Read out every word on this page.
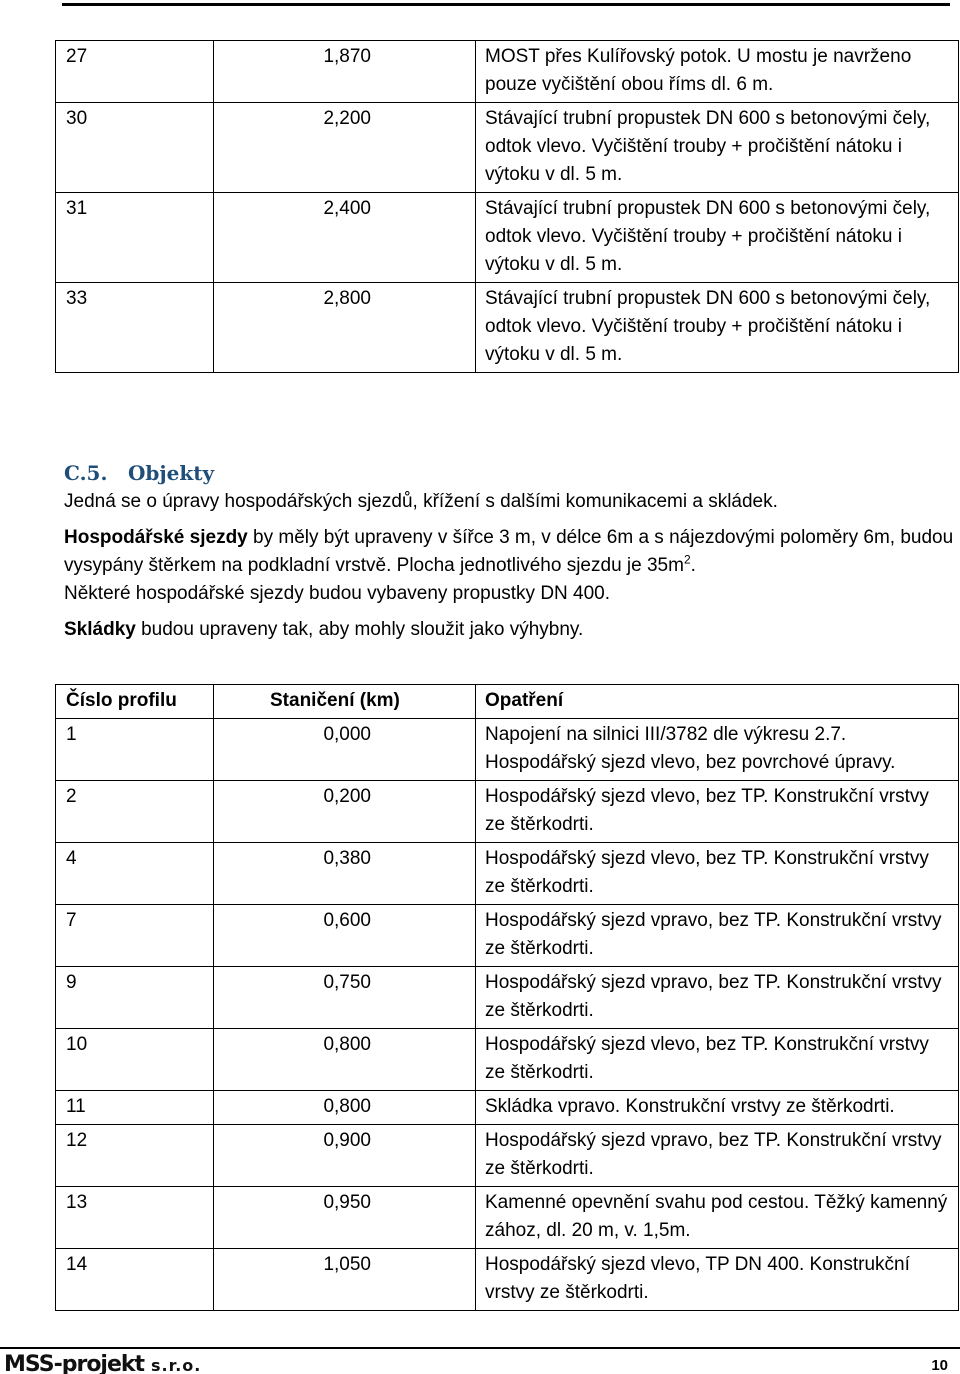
27	1,870	MOST přes Kulířovský potok. U mostu je navrženo pouze vyčištění obou říms dl. 6 m.
30	2,200	Stávající trubní propustek DN 600 s betonovými čely, odtok vlevo. Vyčištění trouby + pročištění nátoku i výtoku v dl. 5 m.
31	2,400	Stávající trubní propustek DN 600 s betonovými čely, odtok vlevo. Vyčištění trouby + pročištění nátoku i výtoku v dl. 5 m.
33	2,800	Stávající trubní propustek DN 600 s betonovými čely, odtok vlevo. Vyčištění trouby + pročištění nátoku i výtoku v dl. 5 m.
C.5. Objekty

Jedná se o úpravy hospodářských sjezdů, křížení s dalšími komunikacemi a skládek.

Hospodářské sjezdy by měly být upraveny v šířce 3 m, v délce 6m a s nájezdovými poloměry 6m, budou vysypány štěrkem na podkladní vrstvě. Plocha jednotlivého sjezdu je $35m^2$.

Některé hospodářské sjezdy budou vybaveny propustky DN 400.

Skládky budou upraveny tak, aby mohly sloužit jako výhybny.

Číslo profilu	Staničení (km)	Opatření
1	0,000	Napojení na silnici III/3782 dle výkresu 2.7. Hospodářský sjezd vlevo, bez povrchové úpravy.
2	0,200	Hospodářský sjezd vlevo, bez TP. Konstrukční vrstvy ze štěrkodrti.
4	0,380	Hospodářský sjezd vlevo, bez TP. Konstrukční vrstvy ze štěrkodrti.
7	0,600	Hospodářský sjezd vpravo, bez TP. Konstrukční vrstvy ze štěrkodrti.
9	0,750	Hospodářský sjezd vpravo, bez TP. Konstrukční vrstvy ze štěrkodrti.
10	0,800	Hospodářský sjezd vlevo, bez TP. Konstrukční vrstvy ze štěrkodrti.
11	0,800	Skládka vpravo. Konstrukční vrstvy ze štěrkodrti.
12	0,900	Hospodářský sjezd vpravo, bez TP. Konstrukční vrstvy ze štěrkodrti.
13	0,950	Kamenné opevnění svahu pod cestou. Těžký kamenný zához, dl. 20 m, v. 1,5m.
14	1,050	Hospodářský sjezd vlevo, TP DN 400. Konstrukční vrstvy ze štěrkodrti.
MSS-projekt s.r.o.	10
